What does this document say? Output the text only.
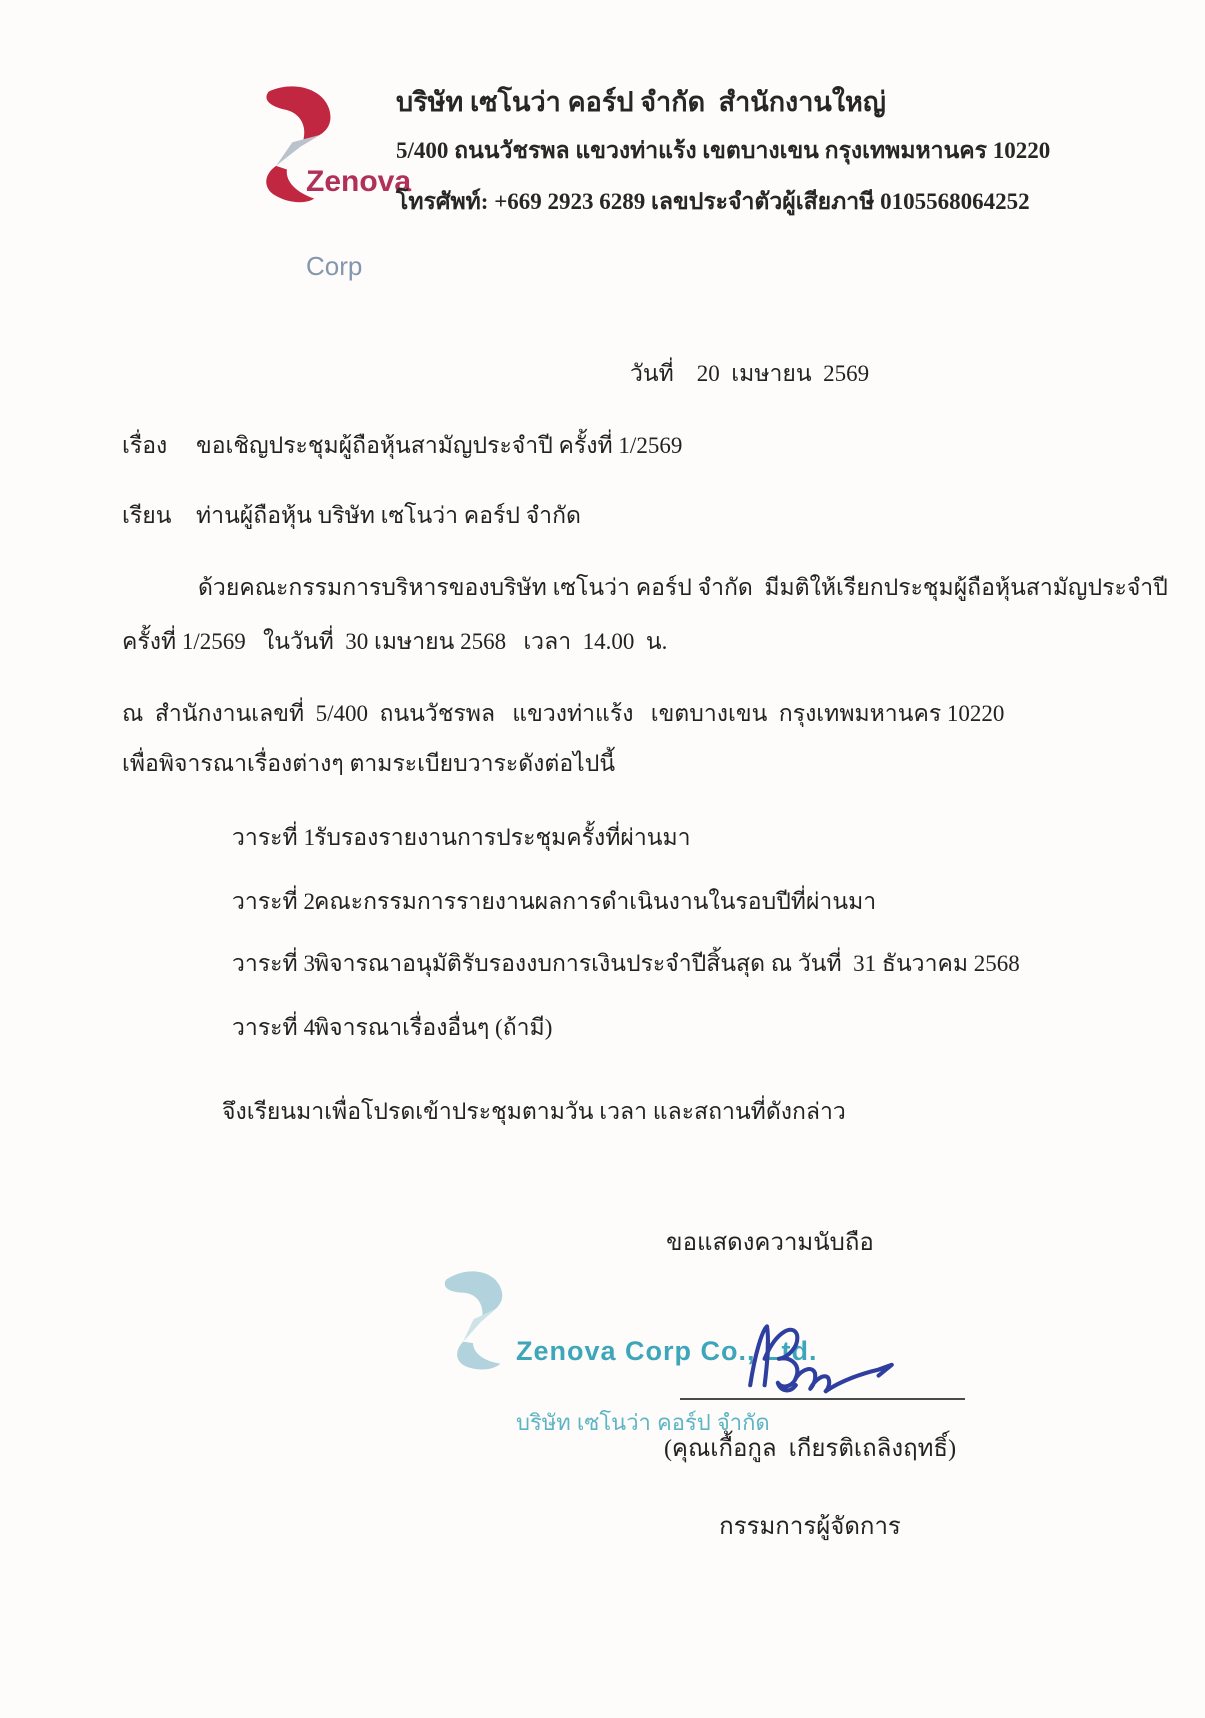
Zenova

Corp

บริษัท เซโนว่า คอร์ป จำกัด  สำนักงานใหญ่
5/400 ถนนวัชรพล แขวงท่าแร้ง เขตบางเขน กรุงเทพมหานคร 10220
โทรศัพท์: +669 2923 6289 เลขประจำตัวผู้เสียภาษี 0105568064252
วันที่    20  เมษายน  2569
เรื่อง ขอเชิญประชุมผู้ถือหุ้นสามัญประจำปี ครั้งที่ 1/2569
เรียน ท่านผู้ถือหุ้น บริษัท เซโนว่า คอร์ป จำกัด
ด้วยคณะกรรมการบริหารของบริษัท เซโนว่า คอร์ป จำกัด  มีมติให้เรียกประชุมผู้ถือหุ้นสามัญประจำปี
ครั้งที่ 1/2569   ในวันที่  30 เมษายน 2568   เวลา  14.00  น.
ณ  สำนักงานเลขที่  5/400  ถนนวัชรพล   แขวงท่าแร้ง   เขตบางเขน  กรุงเทพมหานคร 10220
เพื่อพิจารณาเรื่องต่างๆ ตามระเบียบวาระดังต่อไปนี้
วาระที่ 1 รับรองรายงานการประชุมครั้งที่ผ่านมา
วาระที่ 2 คณะกรรมการรายงานผลการดำเนินงานในรอบปีที่ผ่านมา
วาระที่ 3 พิจารณาอนุมัติรับรองงบการเงินประจำปีสิ้นสุด ณ วันที่  31 ธันวาคม 2568
วาระที่ 4 พิจารณาเรื่องอื่นๆ (ถ้ามี)
จึงเรียนมาเพื่อโปรดเข้าประชุมตามวัน เวลา และสถานที่ดังกล่าว
ขอแสดงความนับถือ

Zenova Corp Co., Ltd.

บริษัท เซโนว่า คอร์ป จำกัด

(คุณเกื้อกูล  เกียรติเถลิงฤทธิ์)
กรรมการผู้จัดการ
